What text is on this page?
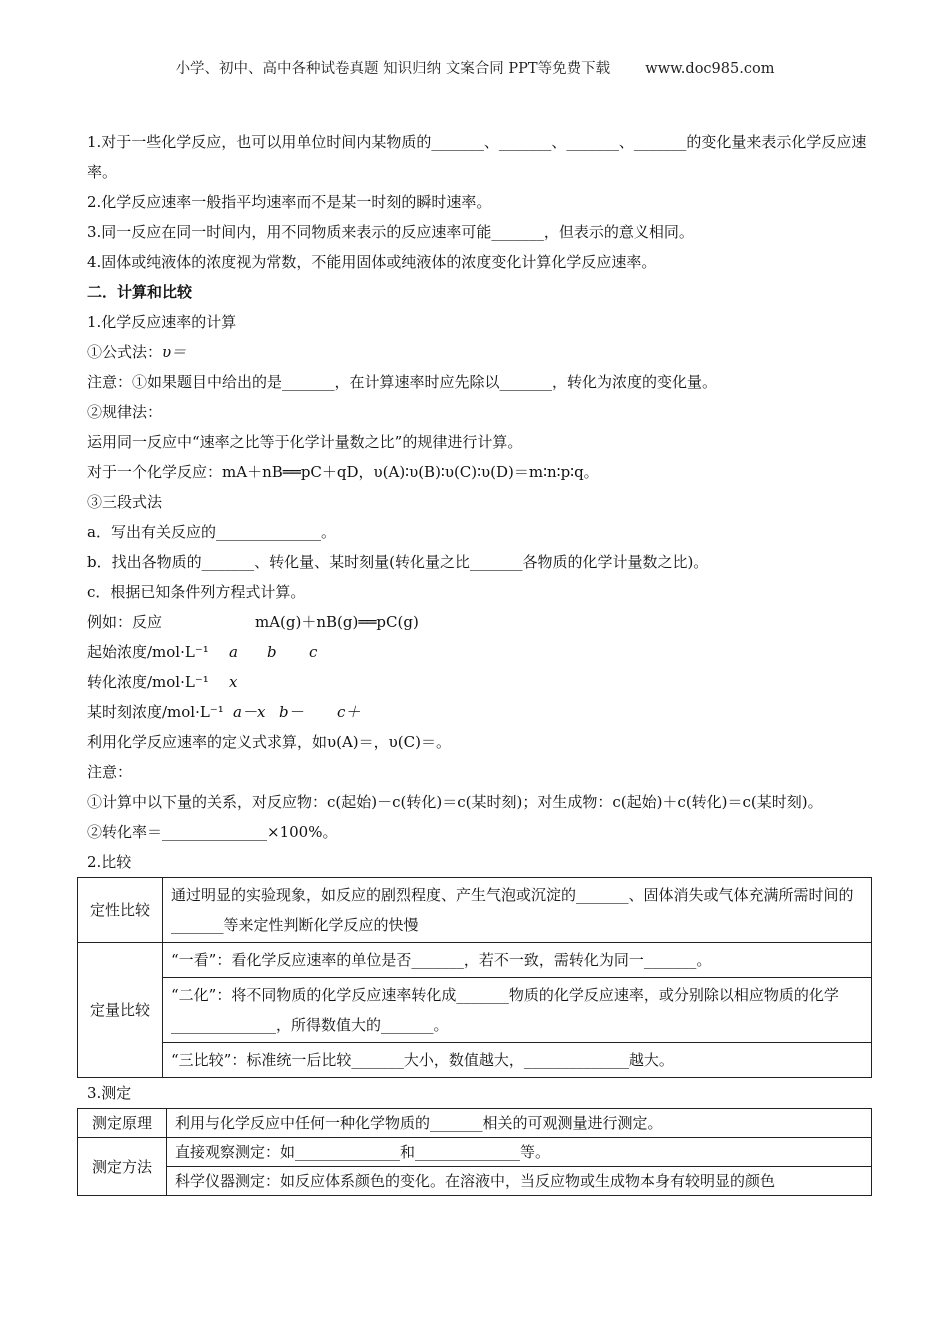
小学、初中、高中各种试卷真题 知识归纳 文案合同 PPT等免费下载 www.doc985.com

1.对于一些化学反应，也可以用单位时间内某物质的_______、_______、_______、_______的变化量来表示化学反应速率。

2.化学反应速率一般指平均速率而不是某一时刻的瞬时速率。

3.同一反应在同一时间内，用不同物质来表示的反应速率可能_______，但表示的意义相同。

4.固体或纯液体的浓度视为常数，不能用固体或纯液体的浓度变化计算化学反应速率。

二．计算和比较

1.化学反应速率的计算

①公式法：υ＝

注意：①如果题目中给出的是_______，在计算速率时应先除以_______，转化为浓度的变化量。

②规律法：

运用同一反应中“速率之比等于化学计量数之比”的规律进行计算。

对于一个化学反应：mA＋nB══pC＋qD，υ(A)∶υ(B)∶υ(C)∶υ(D)＝m∶n∶p∶q。

③三段式法

a．写出有关反应的______________。

b．找出各物质的_______、转化量、某时刻量(转化量之比_______各物质的化学计量数之比)。

c．根据已知条件列方程式计算。

例如：反应	mA(g)＋nB(g)══pC(g)

起始浓度/mol·L⁻¹ a b c

转化浓度/mol·L⁻¹ x

某时刻浓度/mol·L⁻¹ a－x b－ c＋

利用化学反应速率的定义式求算，如υ(A)＝，υ(C)＝。

注意：

①计算中以下量的关系，对反应物：c(起始)－c(转化)＝c(某时刻)；对生成物：c(起始)＋c(转化)＝c(某时刻)。

②转化率＝______________×100%。

2.比较

定性比较	通过明显的实验现象，如反应的剧烈程度、产生气泡或沉淀的_______、固体消失或气体充满所需时间的_______等来定性判断化学反应的快慢
定量比较	“一看”：看化学反应速率的单位是否_______，若不一致，需转化为同一_______。
	“二化”：将不同物质的化学反应速率转化成_______物质的化学反应速率，或分别除以相应物质的化学______________，所得数值大的_______。
	“三比较”：标准统一后比较_______大小，数值越大，______________越大。

3.测定

测定原理	利用与化学反应中任何一种化学物质的_______相关的可观测量进行测定。
测定方法	直接观察测定：如______________和______________等。
	科学仪器测定：如反应体系颜色的变化。在溶液中，当反应物或生成物本身有较明显的颜色
